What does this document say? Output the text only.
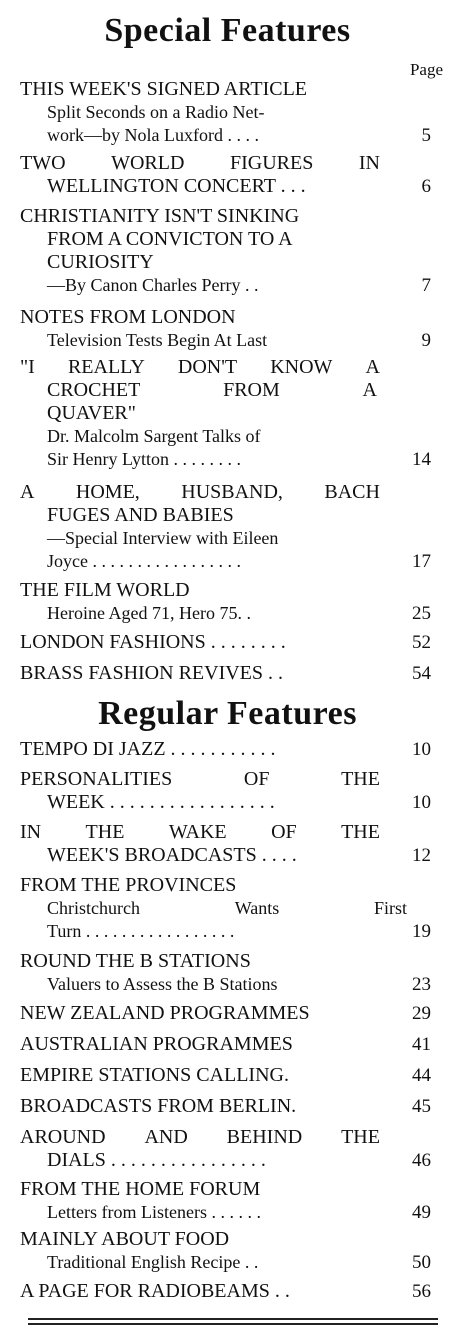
Special Features
Page
THIS WEEK'S SIGNED ARTICLE
Split Seconds on a Radio Net-
work—by Nola Luxford . . . .	5
TWO WORLD FIGURES IN
WELLINGTON CONCERT . . .	6
CHRISTIANITY ISN'T SINKING
FROM A CONVICTON TO A
CURIOSITY
—By Canon Charles Perry . .	7
NOTES FROM LONDON
Television Tests Begin At Last	9
"I REALLY DON'T KNOW A
CROCHET	FROM	A
QUAVER"
Dr. Malcolm Sargent Talks of
Sir Henry Lytton . . . . . . . .	14
A HOME, HUSBAND, BACH
FUGES AND BABIES
—Special Interview with Eileen
Joyce . . . . . . . . . . . . . . . . .	17
THE FILM WORLD
Heroine Aged 71, Hero 75. .	25
LONDON FASHIONS . . . . . . . .	52
BRASS FASHION REVIVES . .	54
Regular Features
TEMPO DI JAZZ . . . . . . . . . . .	10
PERSONALITIES	OF	THE
WEEK . . . . . . . . . . . . . . . . .	10
IN THE WAKE OF THE
WEEK'S BROADCASTS . . . .	12
FROM THE PROVINCES
Christchurch	Wants	First
Turn . . . . . . . . . . . . . . . . .	19
ROUND THE B STATIONS
Valuers to Assess the B Stations	23
NEW ZEALAND PROGRAMMES	29
AUSTRALIAN PROGRAMMES	41
EMPIRE STATIONS CALLING.	44
BROADCASTS FROM BERLIN.	45
AROUND AND BEHIND THE
DIALS . . . . . . . . . . . . . . . .	46
FROM THE HOME FORUM
Letters from Listeners . . . . . .	49
MAINLY ABOUT FOOD
Traditional English Recipe . .	50
A PAGE FOR RADIOBEAMS . .	56
